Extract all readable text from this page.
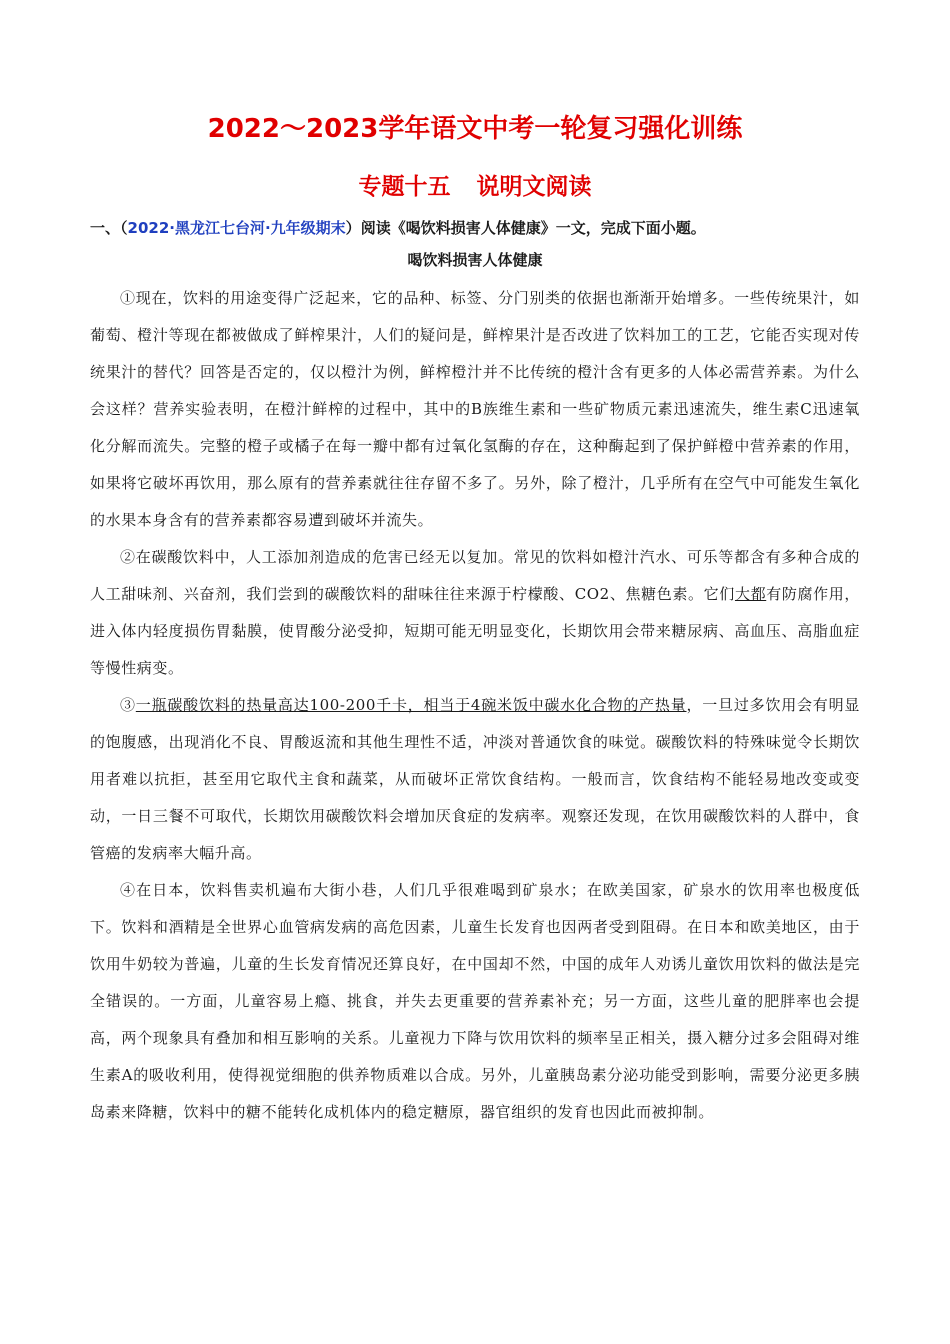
2022～2023学年语文中考一轮复习强化训练
专题十五 说明文阅读

一、（2022·黑龙江七台河·九年级期末）阅读《喝饮料损害人体健康》一文，完成下面小题。

喝饮料损害人体健康

①现在，饮料的用途变得广泛起来，它的品种、标签、分门别类的依据也渐渐开始增多。一些传统果汁，如葡萄、橙汁等现在都被做成了鲜榨果汁，人们的疑问是，鲜榨果汁是否改进了饮料加工的工艺，它能否实现对传统果汁的替代？回答是否定的，仅以橙汁为例，鲜榨橙汁并不比传统的橙汁含有更多的人体必需营养素。为什么会这样？营养实验表明，在橙汁鲜榨的过程中，其中的B族维生素和一些矿物质元素迅速流失，维生素C迅速氧化分解而流失。完整的橙子或橘子在每一瓣中都有过氧化氢酶的存在，这种酶起到了保护鲜橙中营养素的作用，如果将它破坏再饮用，那么原有的营养素就往往存留不多了。另外，除了橙汁，几乎所有在空气中可能发生氧化的水果本身含有的营养素都容易遭到破坏并流失。

②在碳酸饮料中，人工添加剂造成的危害已经无以复加。常见的饮料如橙汁汽水、可乐等都含有多种合成的人工甜味剂、兴奋剂，我们尝到的碳酸饮料的甜味往往来源于柠檬酸、CO2、焦糖色素。它们大都有防腐作用，进入体内轻度损伤胃黏膜，使胃酸分泌受抑，短期可能无明显变化，长期饮用会带来糖尿病、高血压、高脂血症等慢性病变。

③一瓶碳酸饮料的热量高达100-200千卡，相当于4碗米饭中碳水化合物的产热量，一旦过多饮用会有明显的饱腹感，出现消化不良、胃酸返流和其他生理性不适，冲淡对普通饮食的味觉。碳酸饮料的特殊味觉令长期饮用者难以抗拒，甚至用它取代主食和蔬菜，从而破坏正常饮食结构。一般而言，饮食结构不能轻易地改变或变动，一日三餐不可取代，长期饮用碳酸饮料会增加厌食症的发病率。观察还发现，在饮用碳酸饮料的人群中，食管癌的发病率大幅升高。

④在日本，饮料售卖机遍布大街小巷，人们几乎很难喝到矿泉水；在欧美国家，矿泉水的饮用率也极度低下。饮料和酒精是全世界心血管病发病的高危因素，儿童生长发育也因两者受到阻碍。在日本和欧美地区，由于饮用牛奶较为普遍，儿童的生长发育情况还算良好，在中国却不然，中国的成年人劝诱儿童饮用饮料的做法是完全错误的。一方面，儿童容易上瘾、挑食，并失去更重要的营养素补充；另一方面，这些儿童的肥胖率也会提高，两个现象具有叠加和相互影响的关系。儿童视力下降与饮用饮料的频率呈正相关，摄入糖分过多会阻碍对维生素A的吸收利用，使得视觉细胞的供养物质难以合成。另外，儿童胰岛素分泌功能受到影响，需要分泌更多胰岛素来降糖，饮料中的糖不能转化成机体内的稳定糖原，器官组织的发育也因此而被抑制。
